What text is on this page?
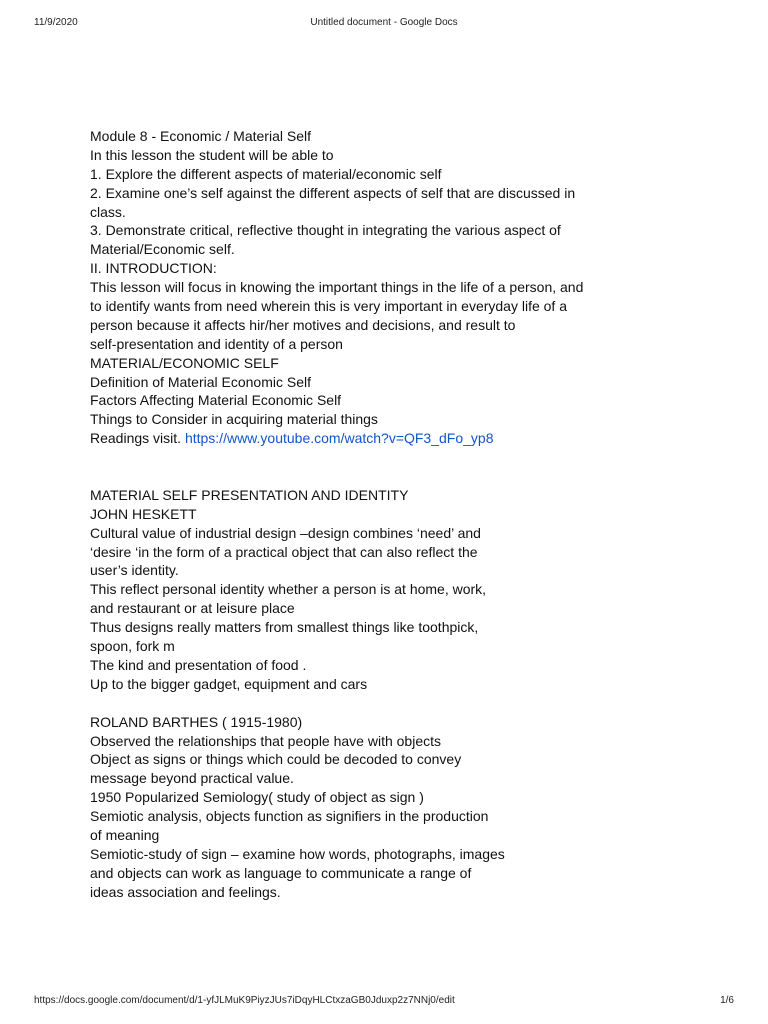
11/9/2020	Untitled document - Google Docs
Module 8 - Economic / Material Self
In this lesson the student will be able to
1. Explore the different aspects of material/economic self
2. Examine one’s self against the different aspects of self that are discussed in
class.
3. Demonstrate critical, reflective thought in integrating the various aspect of
Material/Economic self.
II. INTRODUCTION:
This lesson will focus in knowing the important things in the life of a person, and
to identify wants from need wherein this is very important in everyday life of a
person because it affects hir/her motives and decisions, and result to
self-presentation and identity of a person
MATERIAL/ECONOMIC SELF
Definition of Material Economic Self
Factors Affecting Material Economic Self
Things to Consider in acquiring material things
Readings visit. https://www.youtube.com/watch?v=QF3_dFo_yp8
MATERIAL SELF PRESENTATION AND IDENTITY
JOHN HESKETT
Cultural value of industrial design –design combines ‘need’ and
‘desire ‘in the form of a practical object that can also reflect the
user’s identity.
This reflect personal identity whether a person is at home, work,
and restaurant or at leisure place
Thus designs really matters from smallest things like toothpick,
spoon, fork m
The kind and presentation of food .
Up to the bigger gadget, equipment and cars
ROLAND BARTHES ( 1915-1980)
Observed the relationships that people have with objects
Object as signs or things which could be decoded to convey
message beyond practical value.
1950 Popularized Semiology( study of object as sign )
Semiotic analysis, objects function as signifiers in the production
of meaning
Semiotic-study of sign – examine how words, photographs, images
and objects can work as language to communicate a range of
ideas association and feelings.
https://docs.google.com/document/d/1-yfJLMuK9PiyzJUs7iDqyHLCtxzaGB0Jduxp2z7NNj0/edit	1/6
